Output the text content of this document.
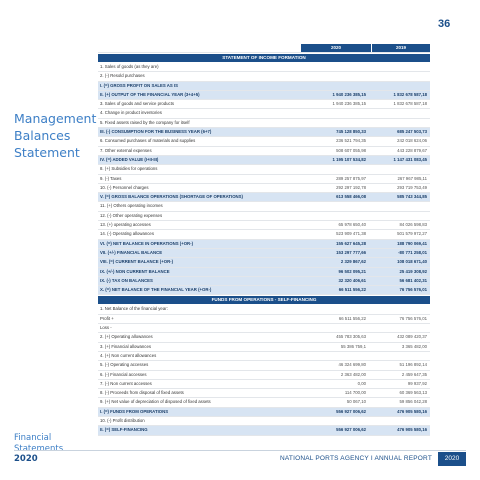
36
Management
Balances
Statement
Financial
Statements
2020
2020	2019
STATEMENT OF INCOME FORMATION
1. Sales of goods (as they are)
2. (-) Resold purchases
I. (=) GROSS PROFIT ON SALES AS IS
II. (+) OUTPUT OF THE FINANCIAL YEAR (3+4+5)	1 940 236 385,15	1 832 678 587,18
3. Sales of goods and service products	1 940 236 385,15	1 832 678 587,18
4. Change in product inventories
5. Fixed assets raised by the company for itself
III. (-) CONSUMPTION FOR THE BUSINESS YEAR (6+7)	745 128 850,33	685 247 503,73
6. Consumed purchases of materials and supplies	236 521 794,35	242 018 624,06
7. Other external expenses	508 607 055,98	443 228 879,67
IV. (=) ADDED VALUE (I+II-III)	1 195 107 534,82	1 147 431 083,45
8. (+) Subsidies for operations
9. (-) Taxes	289 257 875,97	267 967 985,11
10. (-) Personnel charges	292 297 192,78	293 719 753,49
V. (=) GROSS BALANCE OPERATIONS (SHORTAGE OF OPERATIONS)	613 558 466,08	585 743 344,85
11. (+) Others operating incomes
12. (-) Other operating expenses
13. (+) operating accesses	65 978 650,40	84 026 598,83
14. (-) Operating allowances	523 909 471,38	501 579 972,27
VI. (=) NET BALANCE IN OPERATIONS (+OR-)	155 627 645,28	188 790 069,41
VII. (+/-) FINANCIAL BALANCE	153 297 777,66	-80 771 258,01
VIII. (=) CURRENT BALANCE (+OR-)	2 329 867,62	108 018 671,40
IX. (+/-) NON CURRENT BALANCE	96 502 095,21	25 419 308,92
IX. (-) TAX ON BALANCES	32 320 406,61	56 681 402,31
X. (=) NET BALANCE OF THE FINANCIAL YEAR (+OR-)	66 511 556,22	76 756 576,01
FUNDS FROM OPERATIONS - SELF-FINANCING
1. Net Balance of the financial year:
Profit +	66 511 556,22	76 756 576,01
Loss -
2. (+) Operating allowances	455 783 305,63	432 089 420,37
3. (+) Financial allowances	55 386 759,1	3 365 482,00
4. (+) Non current allowances
5. (-) Operating accesses	46 324 699,80	51 196 892,14
6. (-) Financial accesses	2 363 482,00	2 459 647,35
7. (-) Non current accesses	0,00	99 937,92
8. (-) Proceeds from disposal of fixed assets	114 700,00	60 369 563,13
9. (+) Net value of depreciation of disposed of fixed assets	50 067,10	59 856 042,28
I. (=) FUNDS FROM OPERATIONS	556 927 006,62	476 905 580,16
10. (-) Profit distribution
II. (=) SELF-FINANCING	556 927 006,62	476 905 580,16
NATIONAL PORTS AGENCY I ANNUAL REPORT	2020
